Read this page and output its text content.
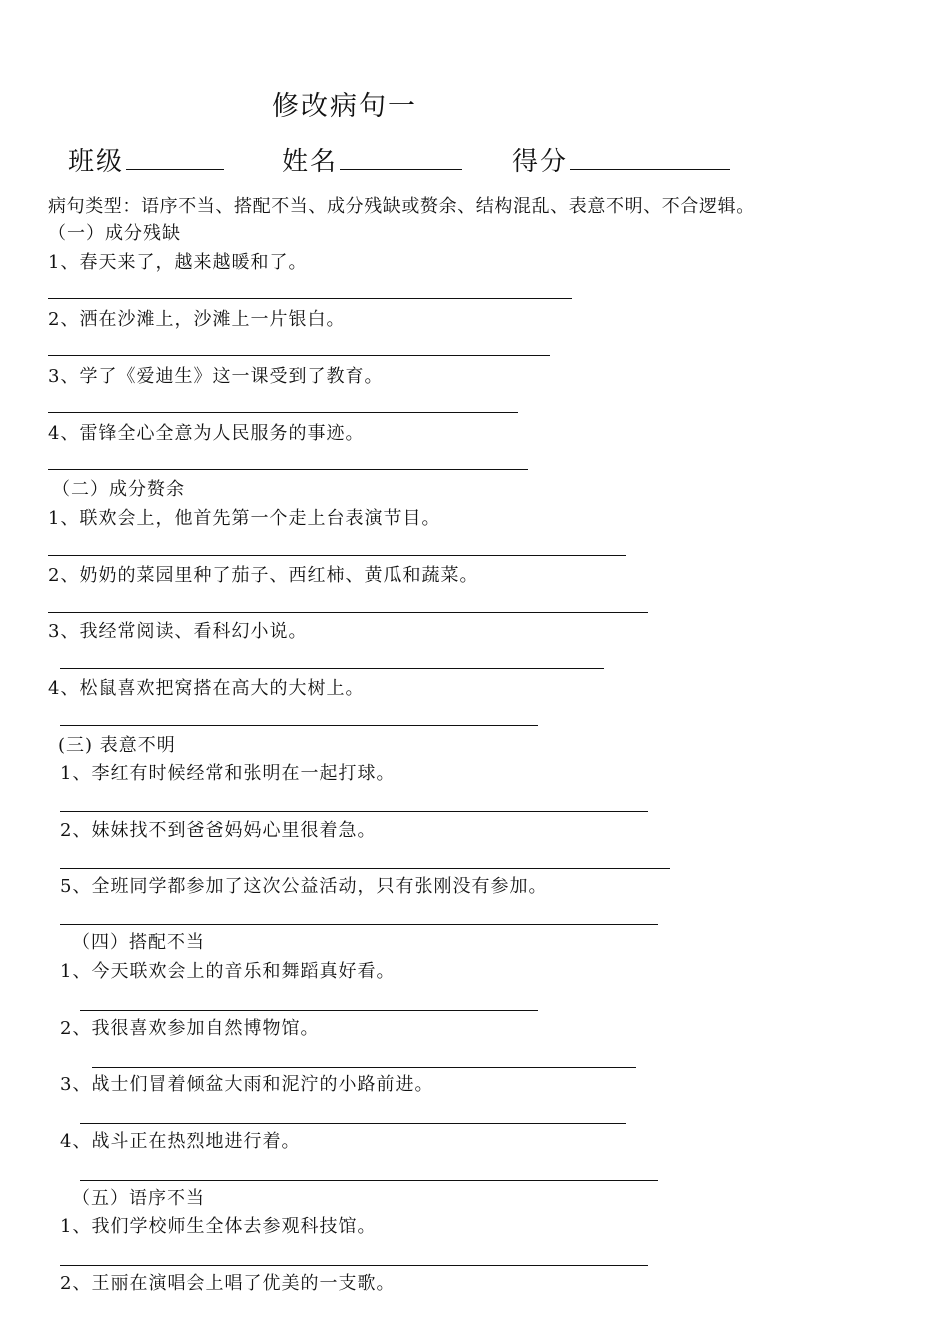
修改病句一
班级	姓名	得分
病句类型：语序不当、搭配不当、成分残缺或赘余、结构混乱、表意不明、不合逻辑。
（一）成分残缺
1、春天来了，越来越暖和了。
2、洒在沙滩上，沙滩上一片银白。
3、学了《爱迪生》这一课受到了教育。
4、雷锋全心全意为人民服务的事迹。
（二）成分赘余
1、联欢会上，他首先第一个走上台表演节目。
2、奶奶的菜园里种了茄子、西红柿、黄瓜和蔬菜。
3、我经常阅读、看科幻小说。
4、松鼠喜欢把窝搭在高大的大树上。
(三) 表意不明
1、李红有时候经常和张明在一起打球。
2、妹妹找不到爸爸妈妈心里很着急。
5、全班同学都参加了这次公益活动，只有张刚没有参加。
（四）搭配不当
1、今天联欢会上的音乐和舞蹈真好看。
2、我很喜欢参加自然博物馆。
3、战士们冒着倾盆大雨和泥泞的小路前进。
4、战斗正在热烈地进行着。
（五）语序不当
1、我们学校师生全体去参观科技馆。
2、王丽在演唱会上唱了优美的一支歌。
